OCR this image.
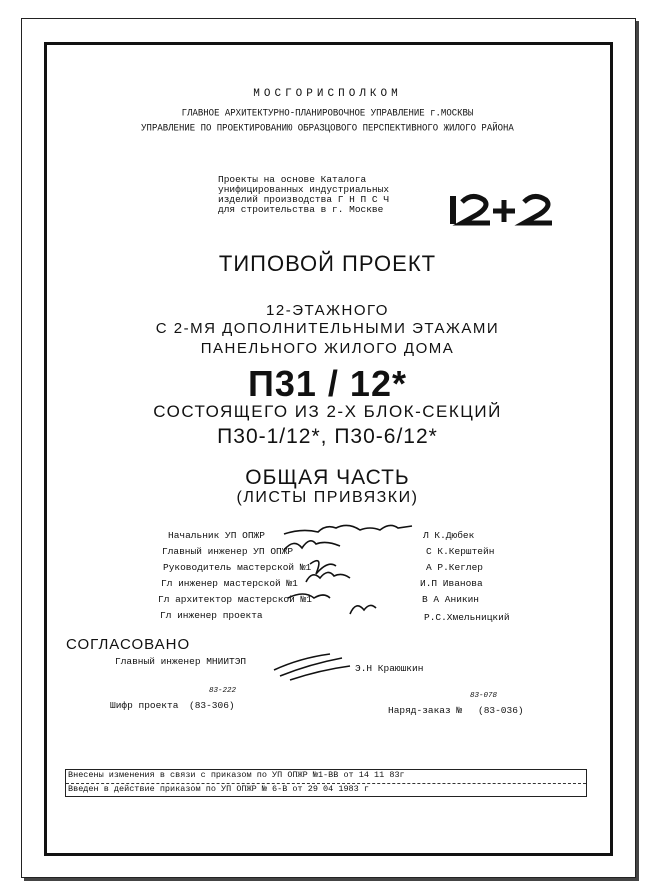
МОСГОРИСПОЛКОМ
ГЛАВНОЕ АРХИТЕКТУРНО-ПЛАНИРОВОЧНОЕ УПРАВЛЕНИЕ г.МОСКВЫ
УПРАВЛЕНИЕ ПО ПРОЕКТИРОВАНИЮ ОБРАЗЦОВОГО ПЕРСПЕКТИВНОГО ЖИЛОГО РАЙОНА
Проекты на основе Каталога
унифицированных индустриальных
изделий производства Г Н П С Ч
для строительства в г. Москве
ТИПОВОЙ ПРОЕКТ
12-ЭТАЖНОГО
С 2-МЯ ДОПОЛНИТЕЛЬНЫМИ ЭТАЖАМИ
ПАНЕЛЬНОГО ЖИЛОГО ДОМА
П31 / 12*
СОСТОЯЩЕГО ИЗ 2-Х БЛОК-СЕКЦИЙ
П30-1/12*, П30-6/12*
ОБЩАЯ ЧАСТЬ
(ЛИСТЫ ПРИВЯЗКИ)
Начальник УП ОПЖР	Л К.Дюбек
Главный инженер УП ОПЖР	С К.Керштейн
Руководитель мастерской №1	А Р.Кеглер
Гл инженер мастерской №1	И.П Иванова
Гл архитектор мастерской №1	В А Аникин
Гл инженер проекта	Р.С.Хмельницкий
СОГЛАСОВАНО
Главный инженер МНИИТЭП
Э.Н Краюшкин
83-222
Шифр проекта (83-306)
83-078
Наряд-заказ № (83-036)
Внесены изменения в связи с приказом по УП ОПЖР №1-ВВ от 14 11 83г
Введен в действие приказом по УП ОПЖР № 6-В от 29 04 1983 г
